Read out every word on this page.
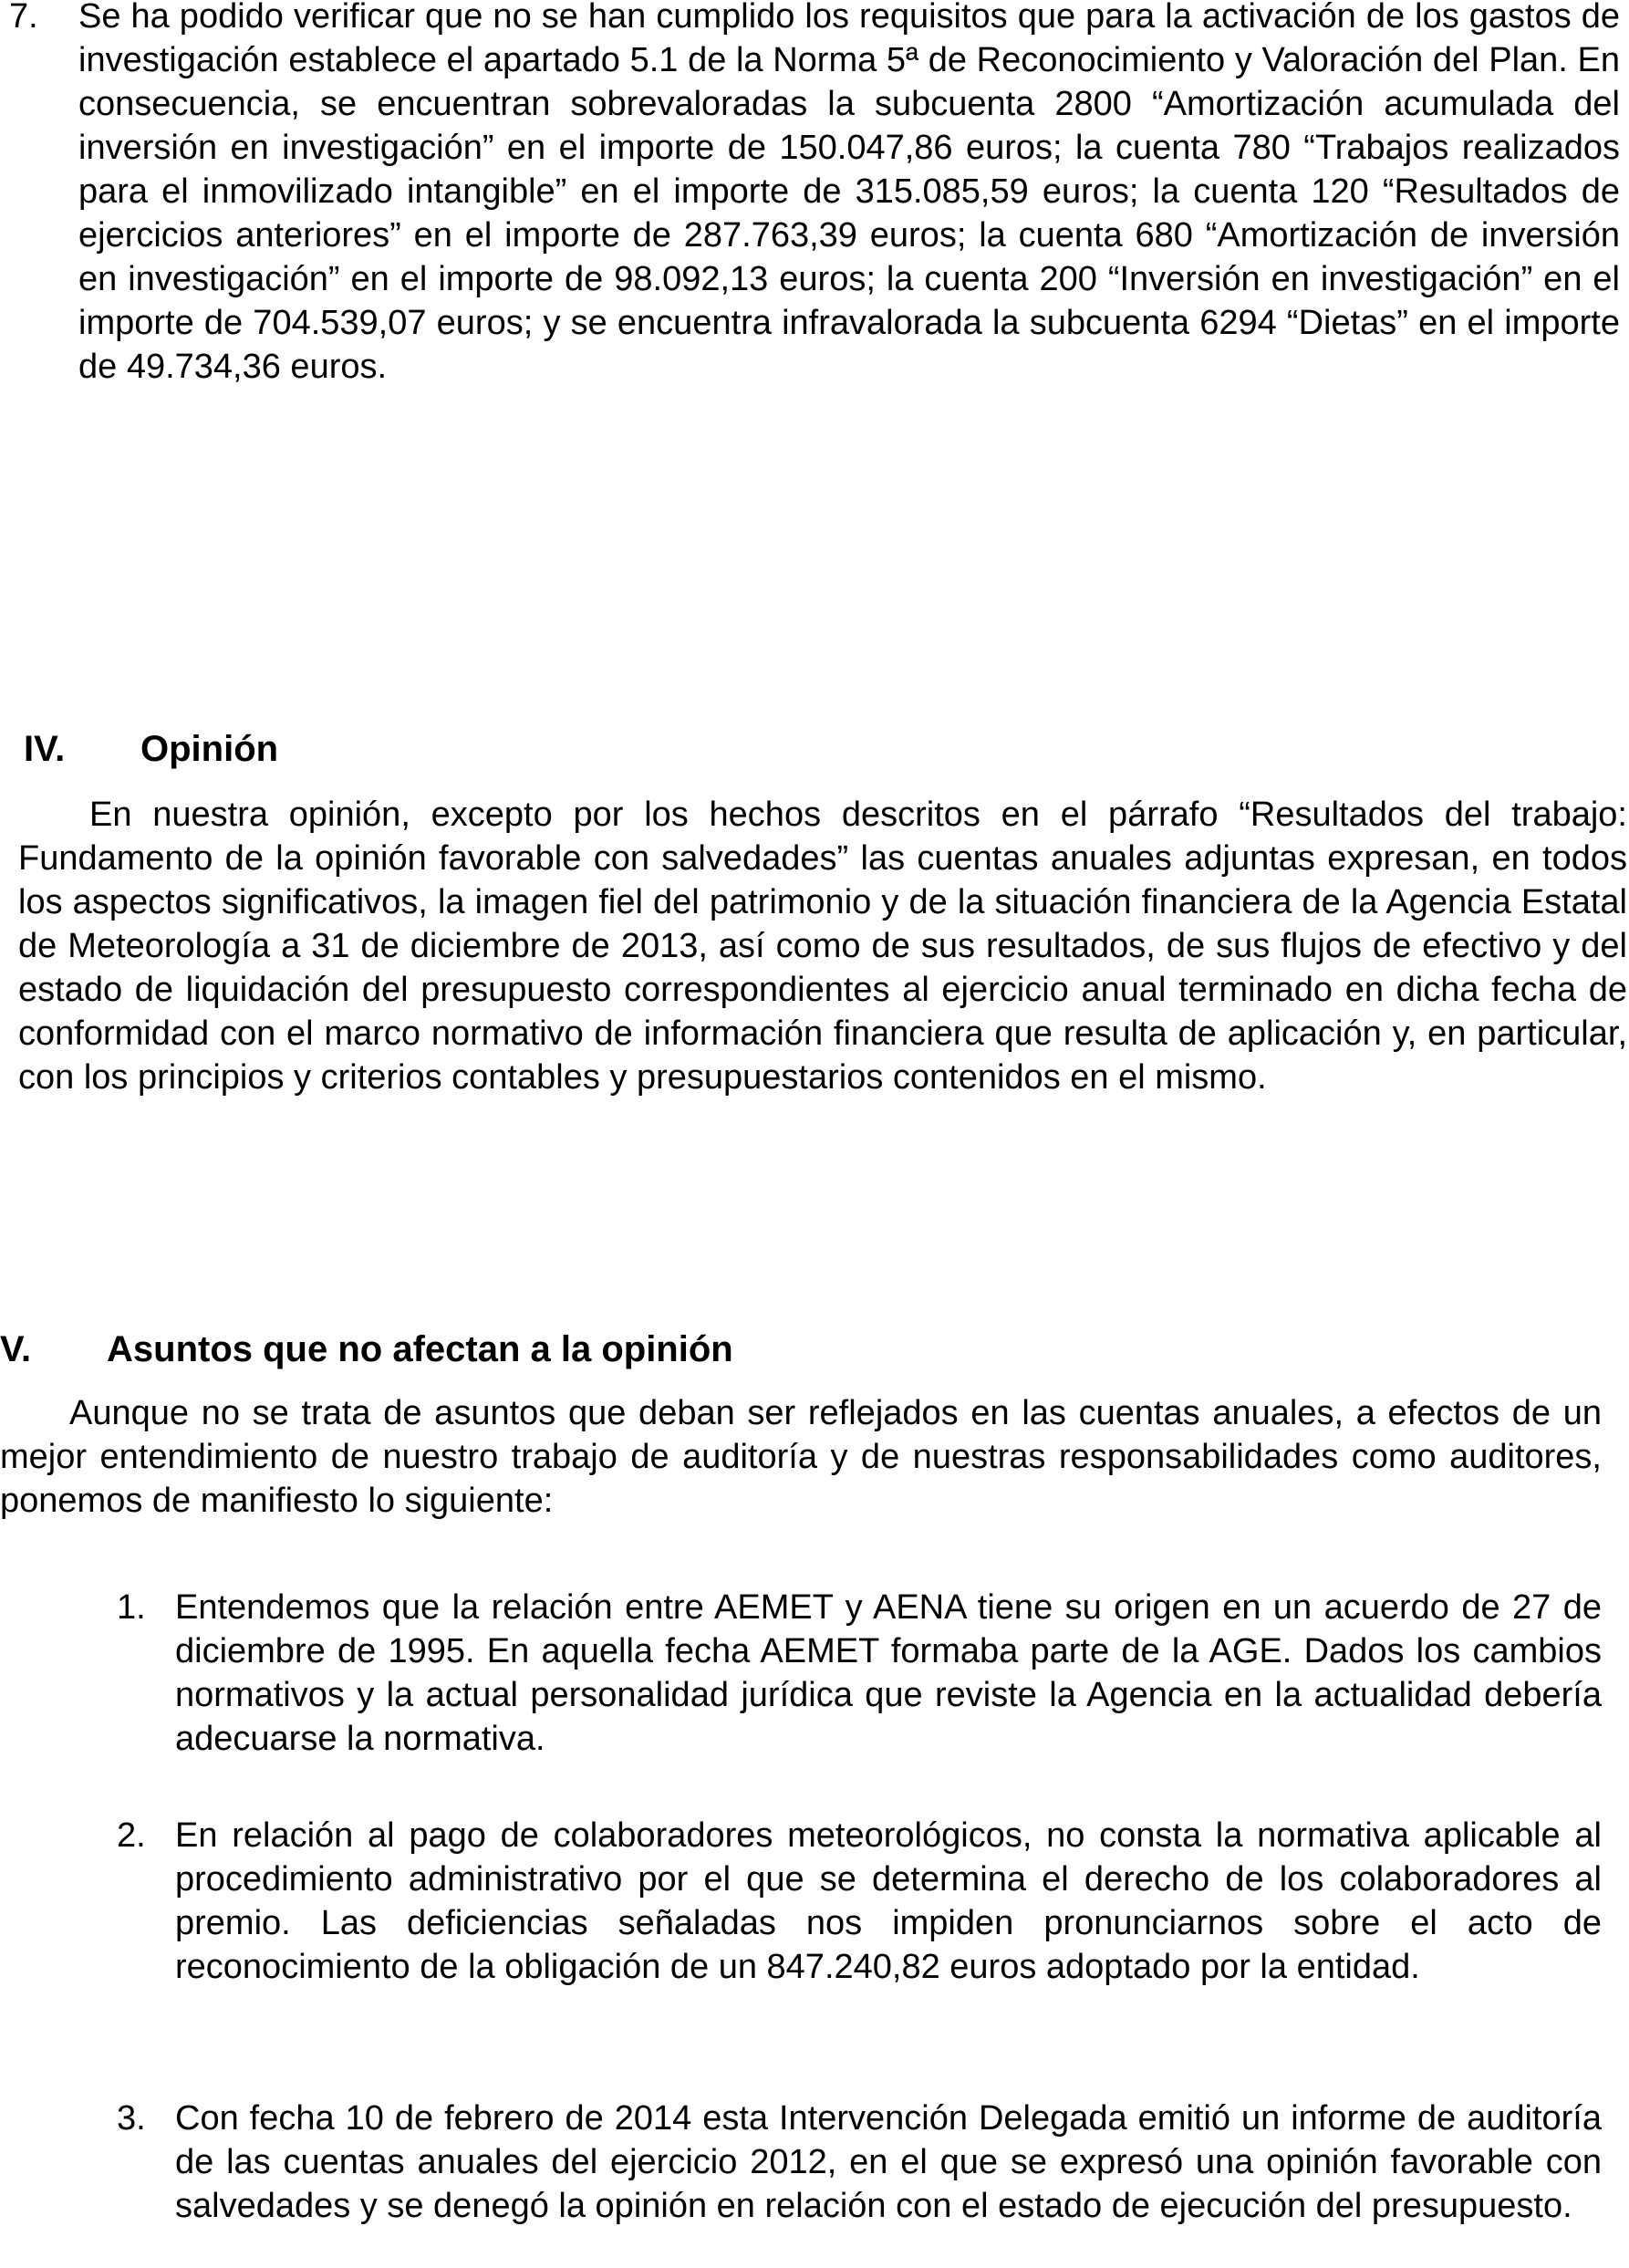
7. Se ha podido verificar que no se han cumplido los requisitos que para la activación de los gastos de investigación establece el apartado 5.1 de la Norma 5ª de Reconocimiento y Valoración del Plan. En consecuencia, se encuentran sobrevaloradas la subcuenta 2800 “Amortización acumulada del inversión en investigación” en el importe de 150.047,86 euros; la cuenta 780 “Trabajos realizados para el inmovilizado intangible” en el importe de 315.085,59 euros; la cuenta 120 “Resultados de ejercicios anteriores” en el importe de 287.763,39 euros; la cuenta 680 “Amortización de inversión en investigación” en el importe de 98.092,13 euros; la cuenta 200 “Inversión en investigación” en el importe de 704.539,07 euros; y se encuentra infravalorada la subcuenta 6294 “Dietas” en el importe de 49.734,36 euros.

IV. Opinión

En nuestra opinión, excepto por los hechos descritos en el párrafo “Resultados del trabajo: Fundamento de la opinión favorable con salvedades” las cuentas anuales adjuntas expresan, en todos los aspectos significativos, la imagen fiel del patrimonio y de la situación financiera de la Agencia Estatal de Meteorología a 31 de diciembre de 2013, así como de sus resultados, de sus flujos de efectivo y del estado de liquidación del presupuesto correspondientes al ejercicio anual terminado en dicha fecha de conformidad con el marco normativo de información financiera que resulta de aplicación y, en particular, con los principios y criterios contables y presupuestarios contenidos en el mismo.

V. Asuntos que no afectan a la opinión

Aunque no se trata de asuntos que deban ser reflejados en las cuentas anuales, a efectos de un mejor entendimiento de nuestro trabajo de auditoría y de nuestras responsabilidades como auditores, ponemos de manifiesto lo siguiente:

1. Entendemos que la relación entre AEMET y AENA tiene su origen en un acuerdo de 27 de diciembre de 1995. En aquella fecha AEMET formaba parte de la AGE. Dados los cambios normativos y la actual personalidad jurídica que reviste la Agencia en la actualidad debería adecuarse la normativa.

2. En relación al pago de colaboradores meteorológicos, no consta la normativa aplicable al procedimiento administrativo por el que se determina el derecho de los colaboradores al premio. Las deficiencias señaladas nos impiden pronunciarnos sobre el acto de reconocimiento de la obligación de un 847.240,82 euros adoptado por la entidad.

3. Con fecha 10 de febrero de 2014 esta Intervención Delegada emitió un informe de auditoría de las cuentas anuales del ejercicio 2012, en el que se expresó una opinión favorable con salvedades y se denegó la opinión en relación con el estado de ejecución del presupuesto.
